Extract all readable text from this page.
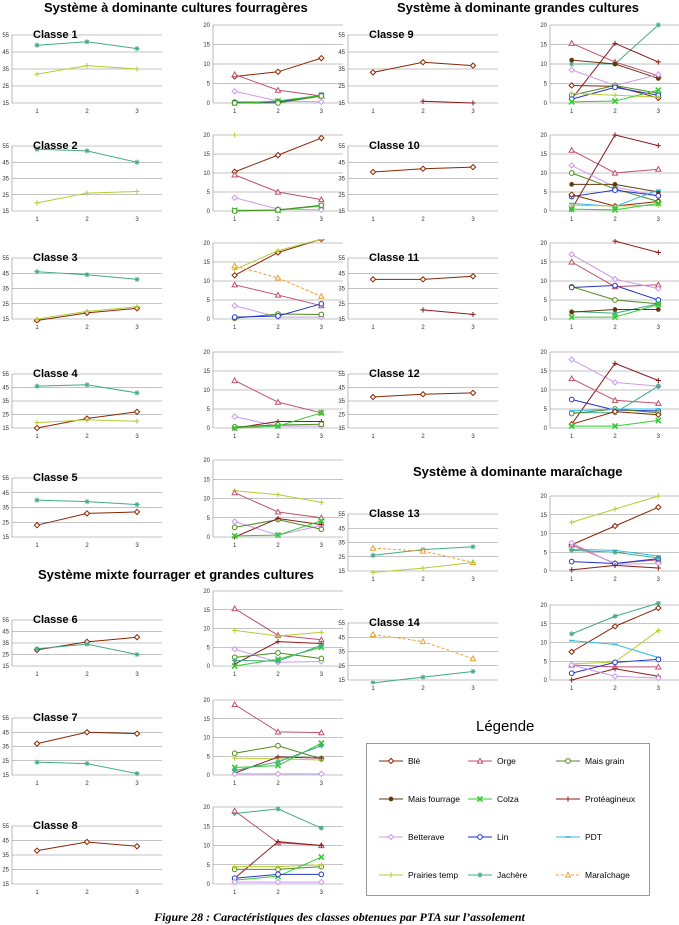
Système à dominante cultures fourragères	Système à dominante grandes cultures
Système mixte fourrager et grandes cultures
Système à dominante maraîchage
15
25
35
45
55
1	2	3
Classe 1
0
5
10
15
20
1	2	3
15
25
35
45
55
1	2	3
Classe 2
0
5
10
15
20
1	2	3
15
25
35
45
55
1	2	3
Classe 3
0
5
10
15
20
1	2	3
15
25
35
45
55
1	2	3
Classe 4
0
5
10
15
20
1	2	3
15
25
35
45
55
1	2	3
Classe 5
0
5
10
15
20
1	2	3
15
25
35
45
55
1	2	3
Classe 6
0
5
10
15
20
1	2	3
15
25
35
45
55
1	2	3
Classe 7
0
5
10
15
20
1	2	3
15
25
35
45
55
1	2	3
Classe 8
0
5
10
15
20
1	2	3
15
25
35
45
55
1	2	3
Classe 9
0
5
10
15
20
1	2	3
15
25
35
45
55
1	2	3
Classe 10
0
5
10
15
20
1	2	3
15
25
35
45
55
1	2	3
Classe 11
0
5
10
15
20
1	2	3
15
25
35
45
55
1	2	3
Classe 12
0
5
10
15
20
1	2	3
15
25
35
45
55
1	2	3
Classe 13
0
5
10
15
20
1	2	3
15
25
35
45
55
1	2	3
Classe 14
0
5
10
15
20
1	2	3
Légende
Blé	Orge	Mais grain
Mais fourrage	Colza	Protéagineux
Betterave	Lin	PDT
Prairies temp	Jachère	Maraîchage
Figure 28 : Caractéristiques des classes obtenues par PTA sur l’assolement
